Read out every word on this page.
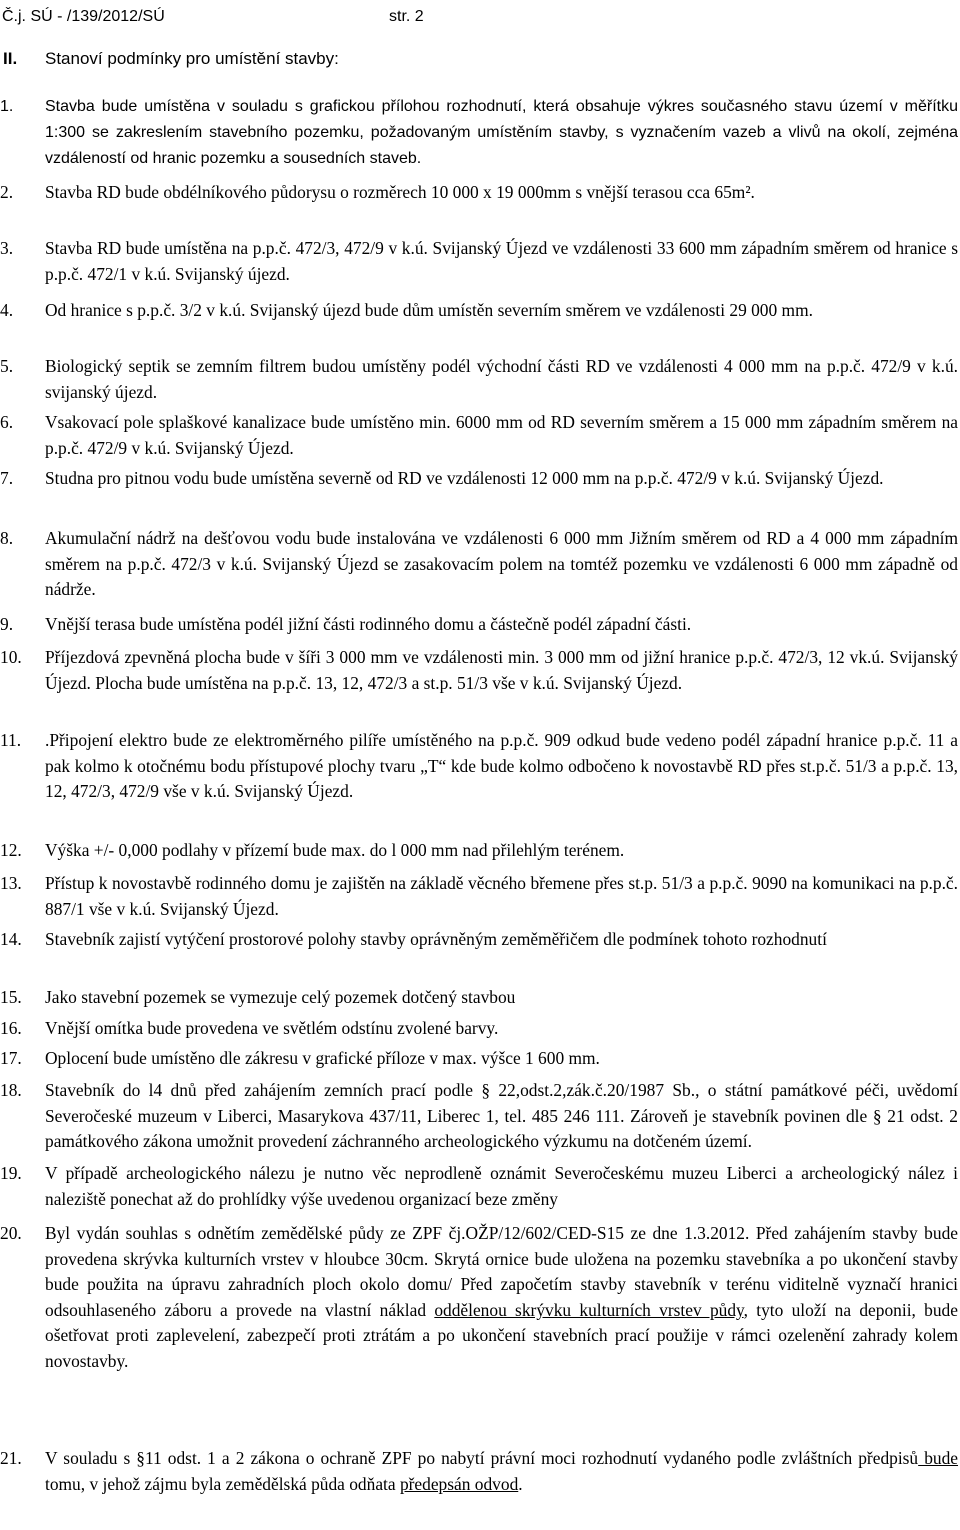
Č.j. SÚ - /139/2012/SÚ	str. 2
II. Stanoví podmínky pro umístění stavby:
1.	Stavba bude umístěna v souladu s grafickou přílohou rozhodnutí, která obsahuje výkres současného stavu území v měřítku 1:300 se zakreslením stavebního pozemku, požadovaným umístěním stavby, s vyznačením vazeb a vlivů na okolí, zejména vzdáleností od hranic pozemku a sousedních staveb.
2.	Stavba RD bude obdélníkového půdorysu o rozměrech 10 000 x 19 000mm s vnější terasou cca 65m².
3.	Stavba RD bude umístěna na p.p.č. 472/3, 472/9 v k.ú. Svijanský Újezd ve vzdálenosti 33 600 mm západním směrem od hranice s p.p.č. 472/1 v k.ú. Svijanský újezd.
4.	Od hranice s p.p.č. 3/2 v k.ú. Svijanský újezd bude dům umístěn severním směrem ve vzdálenosti 29 000 mm.
5.	Biologický septik se zemním filtrem budou umístěny podél východní části RD ve vzdálenosti 4 000 mm na p.p.č. 472/9 v k.ú. svijanský újezd.
6.	Vsakovací pole splaškové kanalizace bude umístěno min. 6000 mm od RD severním směrem a 15 000 mm západním směrem na p.p.č. 472/9 v k.ú. Svijanský Újezd.
7.	Studna pro pitnou vodu bude umístěna severně od RD ve vzdálenosti 12 000 mm na p.p.č. 472/9 v k.ú. Svijanský Újezd.
8.	Akumulační nádrž na dešťovou vodu bude instalována ve vzdálenosti 6 000 mm Jižním směrem od RD a 4 000 mm západním směrem na p.p.č. 472/3 v k.ú. Svijanský Újezd se zasakovacím polem na tomtéž pozemku ve vzdálenosti 6 000 mm západně od nádrže.
9.	Vnější terasa bude umístěna podél jižní části rodinného domu a částečně podél západní části.
10.	Příjezdová zpevněná plocha bude v šíři 3 000 mm ve vzdálenosti min. 3 000 mm od jižní hranice p.p.č. 472/3, 12 vk.ú. Svijanský Újezd. Plocha bude umístěna na p.p.č. 13, 12, 472/3 a st.p. 51/3 vše v k.ú. Svijanský Újezd.
11.	.Připojení elektro bude ze elektroměrného pilíře umístěného na p.p.č. 909 odkud bude vedeno podél západní hranice p.p.č. 11 a pak kolmo k otočnému bodu přístupové plochy tvaru „T“ kde bude kolmo odbočeno k novostavbě RD přes st.p.č. 51/3 a p.p.č. 13, 12, 472/3, 472/9 vše v k.ú. Svijanský Újezd.
12.	Výška +/- 0,000 podlahy v přízemí bude max. do l 000 mm nad přilehlým terénem.
13.	Přístup k novostavbě rodinného domu je zajištěn na základě věcného břemene přes st.p. 51/3 a p.p.č. 9090 na komunikaci na p.p.č. 887/1 vše v k.ú. Svijanský Újezd.
14.	Stavebník zajistí vytýčení prostorové polohy stavby oprávněným zeměměřičem dle podmínek tohoto rozhodnutí
15.	Jako stavební pozemek se vymezuje celý pozemek dotčený stavbou
16.	Vnější omítka bude provedena ve světlém odstínu zvolené barvy.
17.	Oplocení bude umístěno dle zákresu v grafické příloze v max. výšce 1 600 mm.
18.	Stavebník do l4 dnů před zahájením zemních prací podle § 22,odst.2,zák.č.20/1987 Sb., o státní památkové péči, uvědomí Severočeské muzeum v Liberci, Masarykova 437/11, Liberec 1, tel. 485 246 111. Zároveň je stavebník povinen dle § 21 odst. 2 památkového zákona umožnit provedení záchranného archeologického výzkumu na dotčeném území.
19.	V případě archeologického nálezu je nutno věc neprodleně oznámit Severočeskému muzeu Liberci a archeologický nález i naleziště ponechat až do prohlídky výše uvedenou organizací beze změny
20.	Byl vydán souhlas s odnětím zemědělské půdy ze ZPF čj.OŽP/12/602/CED-S15 ze dne 1.3.2012. Před zahájením stavby bude provedena skrývka kulturních vrstev v hloubce 30cm. Skrytá ornice bude uložena na pozemku stavebníka a po ukončení stavby bude použita na úpravu zahradních ploch okolo domu/ Před započetím stavby stavebník v terénu viditelně vyznačí hranici odsouhlaseného záboru a provede na vlastní náklad oddělenou skrývku kulturních vrstev půdy, tyto uloží na deponii, bude ošetřovat proti zaplevelení, zabezpečí proti ztrátám a po ukončení stavebních prací použije v rámci ozelenění zahrady kolem novostavby.
21.	V souladu s §11 odst. 1 a 2 zákona o ochraně ZPF po nabytí právní moci rozhodnutí vydaného podle zvláštních předpisů bude tomu, v jehož zájmu byla zemědělská půda odňata předepsán odvod.
